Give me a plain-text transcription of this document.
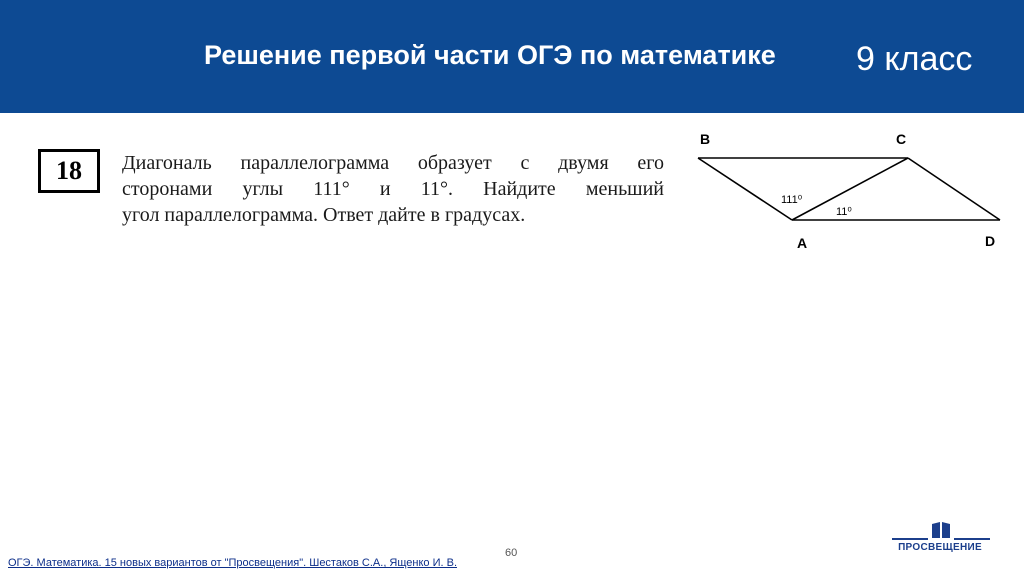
Решение первой части ОГЭ по математике 9 класс
18	Диагональ параллелограмма образует с двумя его
сторонами углы 111° и 11°. Найдите меньший
угол параллелограмма. Ответ дайте в градусах.
B	C
A	D
111⁰
11⁰
60
ОГЭ. Математика. 15 новых вариантов от "Просвещения". Шестаков С.А., Ященко И. В.
ПРОСВЕЩЕНИЕ
